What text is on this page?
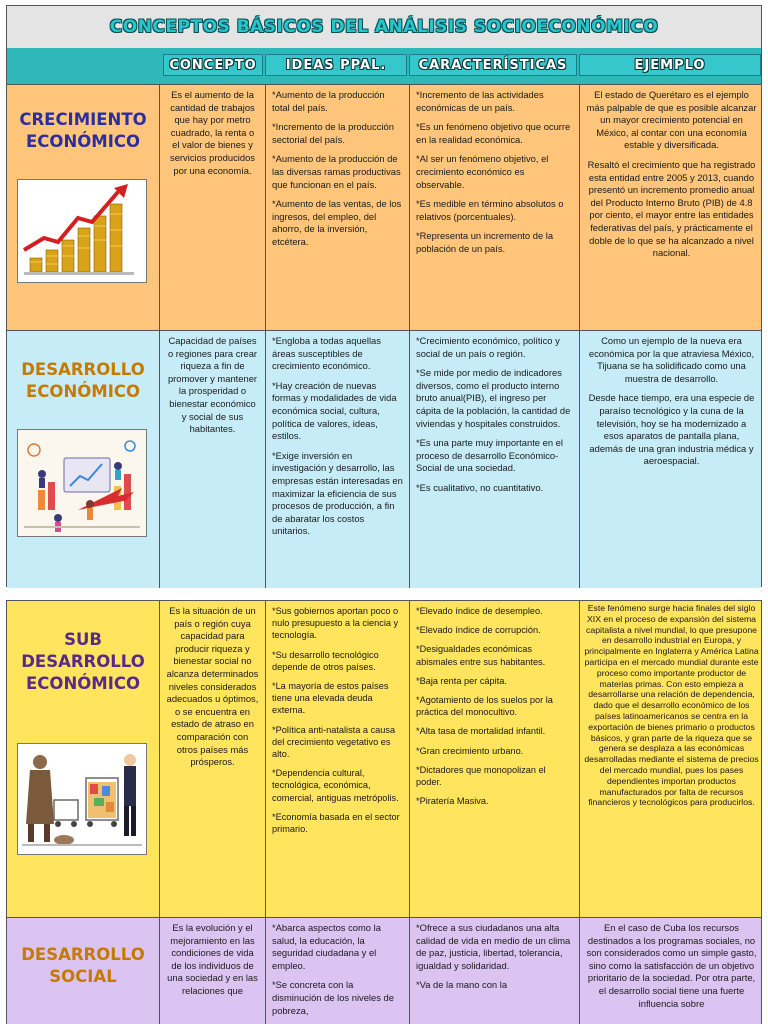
CONCEPTOS BÁSICOS DEL ANÁLISIS SOCIOECONÓMICO
CONCEPTO IDEAS PPAL. CARACTERÍSTICAS	EJEMPLO
CRECIMIENTO
ECONÓMICO

Es el aumento de la cantidad de trabajos que hay por metro cuadrado, la renta o el valor de bienes y servicios producidos por una economía.

*Aumento de la producción total del país.

*Incremento de la producción sectorial del país.

*Aumento de la producción de las diversas ramas productivas que funcionan en el país.

*Aumento de las ventas, de los ingresos, del empleo, del ahorro, de la inversión, etcétera.

*Incremento de las actividades económicas de un país.

*Es un fenómeno objetivo que ocurre en la realidad económica.

*Al ser un fenómeno objetivo, el crecimiento económico es observable.

*Es medible en término absolutos o relativos (porcentuales).

*Representa un incremento de la población de un país.

El estado de Querétaro es el ejemplo más palpable de que es posible alcanzar un mayor crecimiento potencial en México, al contar con una economía estable y diversificada.

Resaltó el crecimiento que ha registrado esta entidad entre 2005 y 2013, cuando presentó un incremento promedio anual del Producto Interno Bruto (PIB) de 4.8 por ciento, el mayor entre las entidades federativas del país, y prácticamente el doble de lo que se ha alcanzado a nivel nacional.

DESARROLLO
ECONÓMICO

Capacidad de países o regiones para crear riqueza a fin de promover y mantener la prosperidad o bienestar económico y social de sus habitantes.

*Engloba a todas aquellas áreas susceptibles de crecimiento económico.

*Hay creación de nuevas formas y modalidades de vida económica social, cultura, política de valores, ideas, estilos.

*Exige inversión en investigación y desarrollo, las empresas están interesadas en maximizar la eficiencia de sus procesos de producción, a fin de abaratar los costos unitarios.

*Crecimiento económico, político y social de un país o región.

*Se mide por medio de indicadores diversos, como el producto interno bruto anual(PIB), el ingreso per cápita de la población, la cantidad de viviendas y hospitales construidos.

*Es una parte muy importante en el proceso de desarrollo Económico-Social de una sociedad.

*Es cualitativo, no cuantitativo.

Como un ejemplo de la nueva era económica por la que atraviesa México, Tijuana se ha solidificado como una muestra de desarrollo.

Desde hace tiempo, era una especie de paraíso tecnológico y la cuna de la televisión, hoy se ha modernizado a esos aparatos de pantalla plana, además de una gran industria médica y aeroespacial.

SUB
DESARROLLO
ECONÓMICO

Es la situación de un país o región cuya capacidad para producir riqueza y bienestar social no alcanza determinados niveles considerados adecuados u óptimos, o se encuentra en estado de atraso en comparación con otros países más prósperos.

*Sus gobiernos aportan poco o nulo presupuesto a la ciencia y tecnología.

*Su desarrollo tecnológico depende de otros países.

*La mayoría de estos países tiene una elevada deuda externa.

*Política anti-natalista a causa del crecimiento vegetativo es alto.

*Dependencia cultural, tecnológica, económica, comercial, antiguas metrópolis.

*Economía basada en el sector primario.

*Elevado índice de desempleo.

*Elevado índice de corrupción.

*Desigualdades económicas abismales entre sus habitantes.

*Baja renta per cápita.

*Agotamiento de los suelos por la práctica del monocultivo.

*Alta tasa de mortalidad infantil.

*Gran crecimiento urbano.

*Dictadores que monopolizan el poder.

*Piratería Masiva.

Este fenómeno surge hacia finales del siglo XIX en el proceso de expansión del sistema capitalista a nivel mundial, lo que presupone en desarrollo industrial en Europa, y principalmente en Inglaterra y América Latina participa en el mercado mundial durante este proceso como importante productor de materias primas. Con esto empieza a desarrollarse una relación de dependencia, dado que el desarrollo económico de los países latinoamericanos se centra en la exportación de bienes primario o productos básicos, y gran parte de la riqueza que se genera se desplaza a las económicas desarrolladas mediante el sistema de precios del mercado mundial, pues los pases dependientes importan productos manufacturados por falta de recursos financieros y tecnológicos para producirlos.

DESARROLLO
SOCIAL

Es la evolución y el mejoramiento en las condiciones de vida de los individuos de una sociedad y en las relaciones que

*Abarca aspectos como la salud, la educación, la seguridad ciudadana y el empleo.

*Se concreta con la disminución de los niveles de pobreza,

*Ofrece a sus ciudadanos una alta calidad de vida en medio de un clima de paz, justicia, libertad, tolerancia, igualdad y solidaridad.

*Va de la mano con la

En el caso de Cuba los recursos destinados a los programas sociales, no son considerados como un simple gasto, sino como la satisfacción de un objetivo prioritario de la sociedad. Por otra parte, el desarrollo social tiene una fuerte influencia sobre
